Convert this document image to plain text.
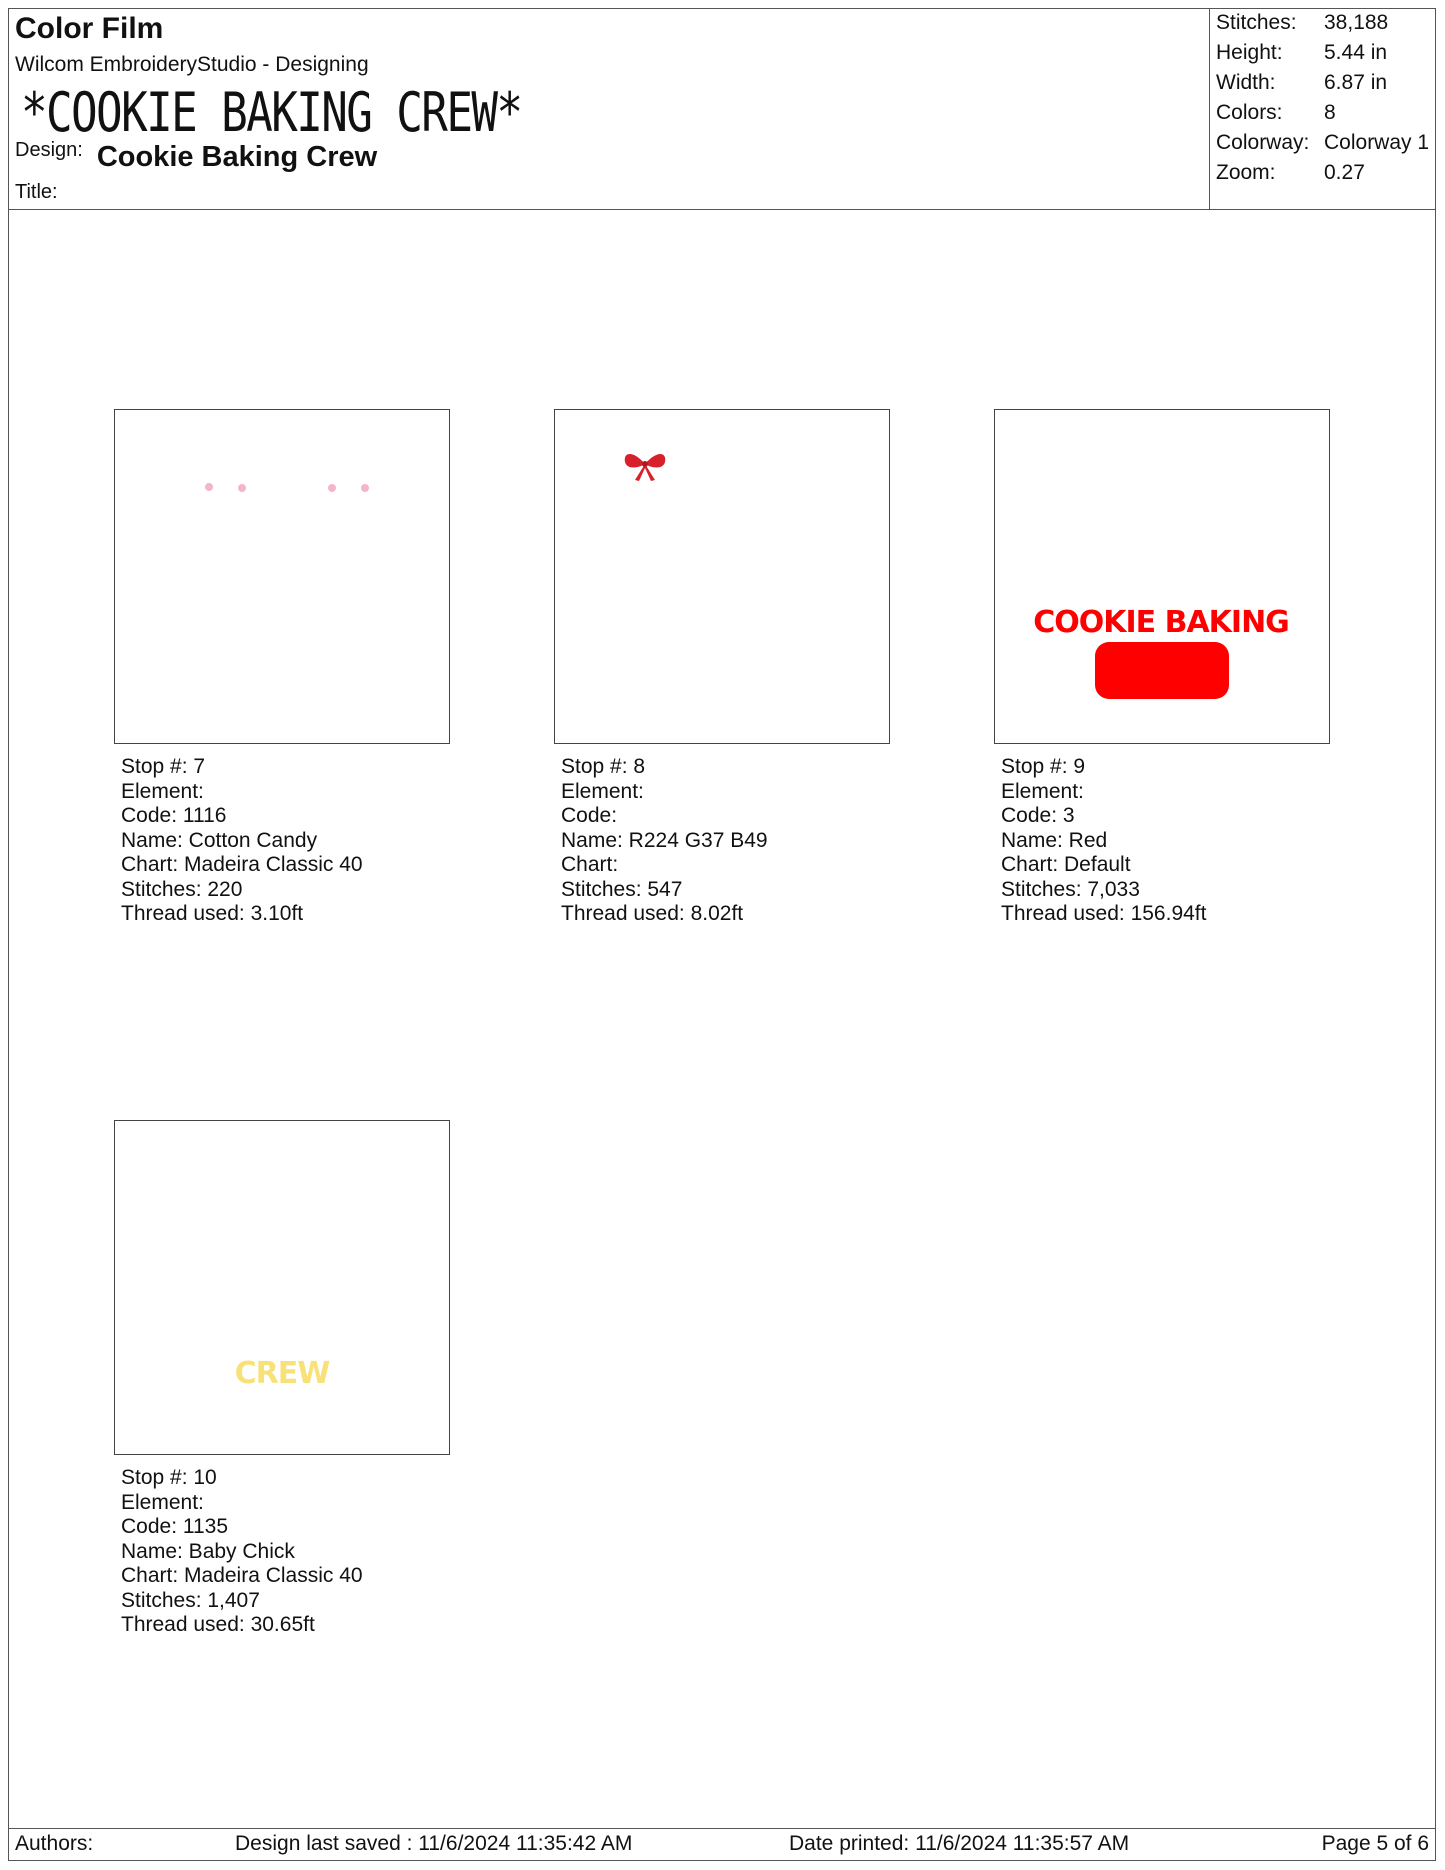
Color Film
Wilcom EmbroideryStudio - Designing
*COOKIE BAKING CREW*
Design: Cookie Baking Crew
Title:
Stitches: 38,188
Height: 5.44 in
Width: 6.87 in
Colors: 8
Colorway: Colorway 1
Zoom: 0.27
Stop #: 7
Element:
Code: 1116
Name: Cotton Candy
Chart: Madeira Classic 40
Stitches: 220
Thread used: 3.10ft
Stop #: 8
Element:
Code:
Name: R224 G37 B49
Chart:
Stitches: 547
Thread used: 8.02ft
COOKIE BAKING
Stop #: 9
Element:
Code: 3
Name: Red
Chart: Default
Stitches: 7,033
Thread used: 156.94ft
CREW
Stop #: 10
Element:
Code: 1135
Name: Baby Chick
Chart: Madeira Classic 40
Stitches: 1,407
Thread used: 30.65ft
Authors:	Design last saved : 11/6/2024 11:35:42 AM	Date printed: 11/6/2024 11:35:57 AM	Page 5 of 6
